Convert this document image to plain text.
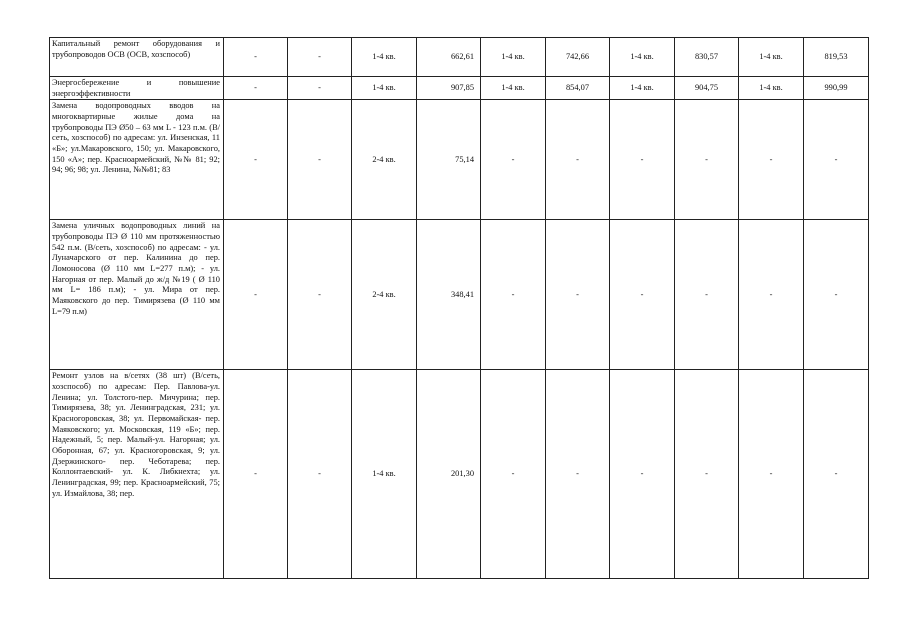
Капитальный ремонт оборудования и трубопроводов ОСВ (ОСВ, хозспособ)	-	-	1-4 кв.	662,61	1-4 кв.	742,66	1-4 кв.	830,57	1-4 кв.	819,53
Энергосбережение и повышение энергоэффективности	-	-	1-4 кв.	907,85	1-4 кв.	854,07	1-4 кв.	904,75	1-4 кв.	990,99
Замена водопроводных вводов на многоквартирные жилые дома на трубопроводы ПЭ Ø50 – 63 мм L - 123 п.м. (В/сеть, хозспособ) по адресам: ул. Инзенская, 11 «Б»; ул.Макаровского, 150; ул. Макаровского, 150 «А»; пер. Красноармейский, №№ 81; 92; 94; 96; 98; ул. Ленина, №№81; 83	-	-	2-4 кв.	75,14	-	-	-	-	-	-
Замена уличных водопроводных линий на трубопроводы ПЭ Ø 110 мм протяженностью 542 п.м. (В/сеть, хозспособ) по адресам: - ул. Луначарского от пер. Калинина до пер. Ломоносова (Ø 110 мм L=277 п.м); - ул. Нагорная от пер. Малый до ж/д №19 ( Ø 110 мм L= 186 п.м); - ул. Мира от пер. Маяковского до пер. Тимирязева (Ø 110 мм L=79 п.м)	-	-	2-4 кв.	348,41	-	-	-	-	-	-
Ремонт узлов на в/сетях (38 шт) (В/сеть, хозспособ) по адресам: Пер. Павлова-ул. Ленина; ул. Толстого-пер. Мичурина; пер. Тимирязева, 38; ул. Ленинградская, 231; ул. Красногоровская, 38; ул. Первомайская- пер. Маяковского; ул. Московская, 119 «Б»; пер. Надежный, 5; пер. Малый-ул. Нагорная; ул. Оборонная, 67; ул. Красногоровская, 9; ул. Дзержинского- пер. Чеботарева; пер. Коллонтаевский- ул. К. Либкнехта; ул. Ленинградская, 99; пер. Красноармейский, 75; ул. Измайлова, 38; пер.	-	-	1-4 кв.	201,30	-	-	-	-	-	-
